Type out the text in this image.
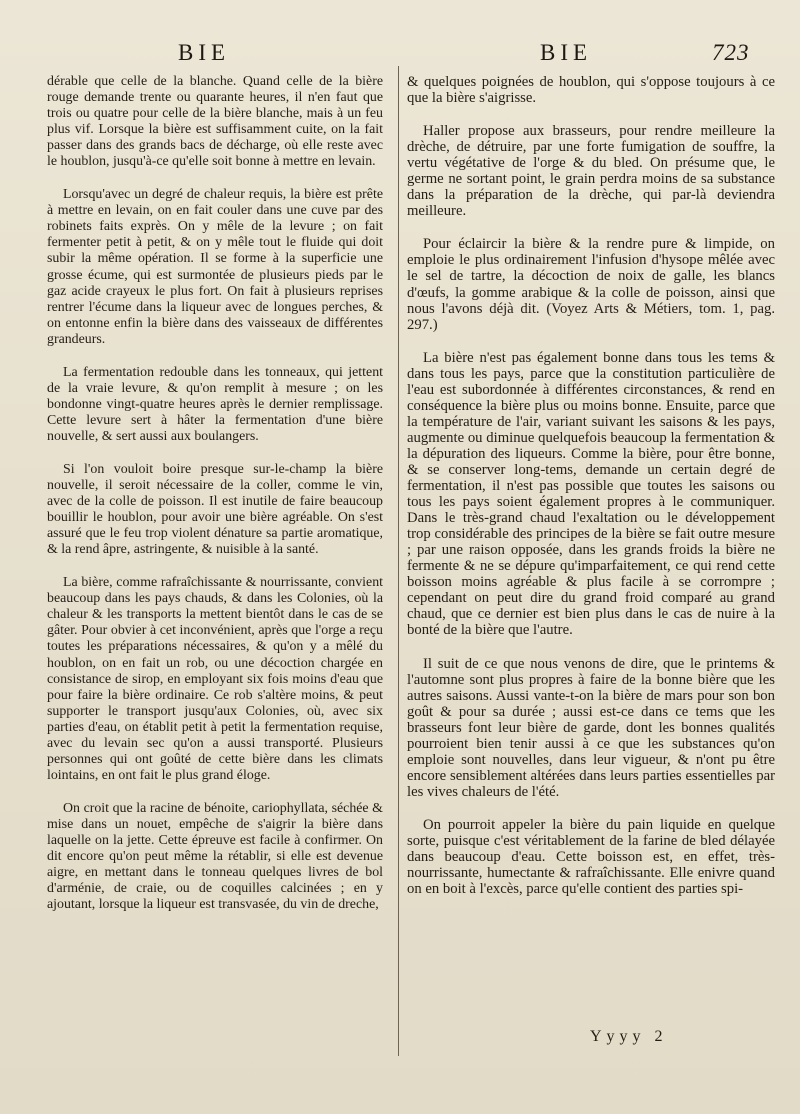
BIE	BIE	723

dérable que celle de la blanche. Quand celle de la bière rouge demande trente ou quarante heures, il n'en faut que trois ou quatre pour celle de la bière blanche, mais à un feu plus vif. Lorsque la bière est suffisamment cuite, on la fait passer dans des grands bacs de décharge, où elle reste avec le houblon, jusqu'à-ce qu'elle soit bonne à mettre en levain.

Lorsqu'avec un degré de chaleur requis, la bière est prête à mettre en levain, on en fait couler dans une cuve par des robinets faits exprès. On y mêle de la levure ; on fait fermenter petit à petit, & on y mêle tout le fluide qui doit subir la même opération. Il se forme à la superficie une grosse écume, qui est surmontée de plusieurs pieds par le gaz acide crayeux le plus fort. On fait à plusieurs reprises rentrer l'écume dans la liqueur avec de longues perches, & on entonne enfin la bière dans des vaisseaux de différentes grandeurs.

La fermentation redouble dans les tonneaux, qui jettent de la vraie levure, & qu'on remplit à mesure ; on les bondonne vingt-quatre heures après le dernier remplissage. Cette levure sert à hâter la fermentation d'une bière nouvelle, & sert aussi aux boulangers.

Si l'on vouloit boire presque sur-le-champ la bière nouvelle, il seroit nécessaire de la coller, comme le vin, avec de la colle de poisson. Il est inutile de faire beaucoup bouillir le houblon, pour avoir une bière agréable. On s'est assuré que le feu trop violent dénature sa partie aromatique, & la rend âpre, astringente, & nuisible à la santé.

La bière, comme rafraîchissante & nourrissante, convient beaucoup dans les pays chauds, & dans les Colonies, où la chaleur & les transports la mettent bientôt dans le cas de se gâter. Pour obvier à cet inconvénient, après que l'orge a reçu toutes les préparations nécessaires, & qu'on y a mêlé du houblon, on en fait un rob, ou une décoction chargée en consistance de sirop, en employant six fois moins d'eau que pour faire la bière ordinaire. Ce rob s'altère moins, & peut supporter le transport jusqu'aux Colonies, où, avec six parties d'eau, on établit petit à petit la fermentation requise, avec du levain sec qu'on a aussi transporté. Plusieurs personnes qui ont goûté de cette bière dans les climats lointains, en ont fait le plus grand éloge.

On croit que la racine de bénoite, cariophyllata, séchée & mise dans un nouet, empêche de s'aigrir la bière dans laquelle on la jette. Cette épreuve est facile à confirmer. On dit encore qu'on peut même la rétablir, si elle est devenue aigre, en mettant dans le tonneau quelques livres de bol d'arménie, de craie, ou de coquilles calcinées ; en y ajoutant, lorsque la liqueur est transvasée, du vin de dreche,

& quelques poignées de houblon, qui s'oppose toujours à ce que la bière s'aigrisse.

Haller propose aux brasseurs, pour rendre meilleure la drèche, de détruire, par une forte fumigation de souffre, la vertu végétative de l'orge & du bled. On présume que, le germe ne sortant point, le grain perdra moins de sa substance dans la préparation de la drèche, qui par-là deviendra meilleure.

Pour éclaircir la bière & la rendre pure & limpide, on emploie le plus ordinairement l'infusion d'hysope mêlée avec le sel de tartre, la décoction de noix de galle, les blancs d'œufs, la gomme arabique & la colle de poisson, ainsi que nous l'avons déjà dit. (Voyez Arts & Métiers, tom. 1, pag. 297.)

La bière n'est pas également bonne dans tous les tems & dans tous les pays, parce que la constitution particulière de l'eau est subordonnée à différentes circonstances, & rend en conséquence la bière plus ou moins bonne. Ensuite, parce que la température de l'air, variant suivant les saisons & les pays, augmente ou diminue quelquefois beaucoup la fermentation & la dépuration des liqueurs. Comme la bière, pour être bonne, & se conserver long-tems, demande un certain degré de fermentation, il n'est pas possible que toutes les saisons ou tous les pays soient également propres à le communiquer. Dans le très-grand chaud l'exaltation ou le développement trop considérable des principes de la bière se fait outre mesure ; par une raison opposée, dans les grands froids la bière ne fermente & ne se dépure qu'imparfaitement, ce qui rend cette boisson moins agréable & plus facile à se corrompre ; cependant on peut dire du grand froid comparé au grand chaud, que ce dernier est bien plus dans le cas de nuire à la bonté de la bière que l'autre.

Il suit de ce que nous venons de dire, que le printems & l'automne sont plus propres à faire de la bonne bière que les autres saisons. Aussi vante-t-on la bière de mars pour son bon goût & pour sa durée ; aussi est-ce dans ce tems que les brasseurs font leur bière de garde, dont les bonnes qualités pourroient bien tenir aussi à ce que les substances qu'on emploie sont nouvelles, dans leur vigueur, & n'ont pu être encore sensiblement altérées dans leurs parties essentielles par les vives chaleurs de l'été.

On pourroit appeler la bière du pain liquide en quelque sorte, puisque c'est véritablement de la farine de bled délayée dans beaucoup d'eau. Cette boisson est, en effet, très-nourrissante, humectante & rafraîchissante. Elle enivre quand on en boit à l'excès, parce qu'elle contient des parties spi-

Yyyy 2
